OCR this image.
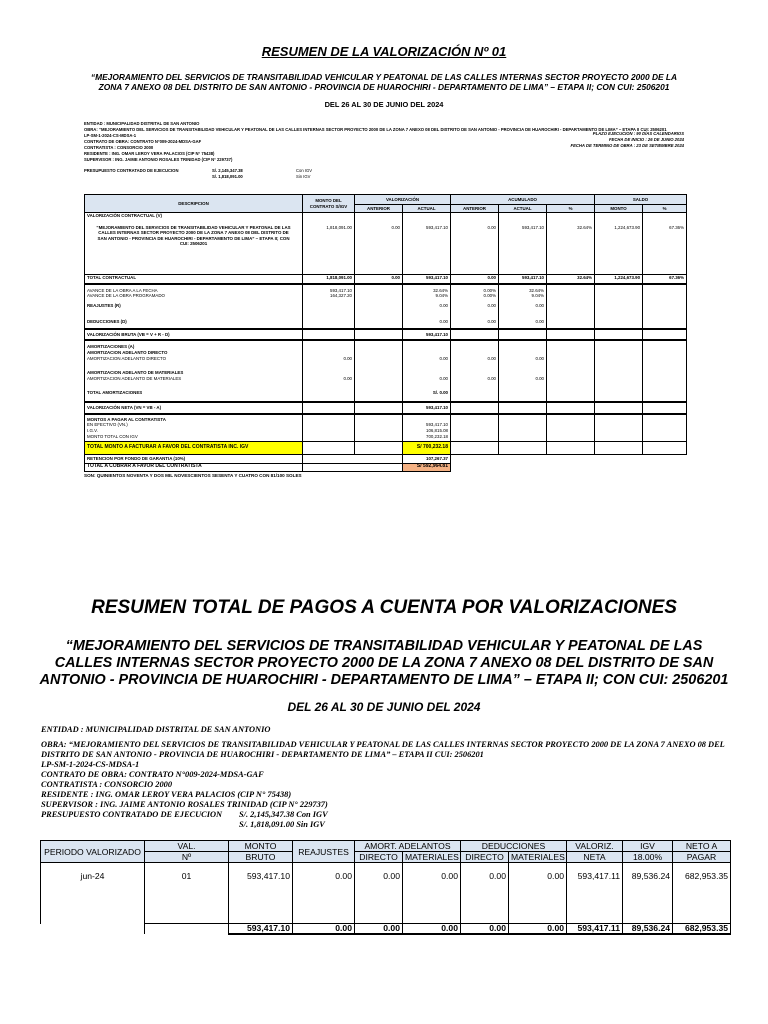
RESUMEN DE LA VALORIZACIÓN Nº 01
“MEJORAMIENTO DEL SERVICIOS DE TRANSITABILIDAD VEHICULAR Y PEATONAL DE LAS CALLES INTERNAS SECTOR PROYECTO 2000 DE LA ZONA 7 ANEXO 08 DEL DISTRITO DE SAN ANTONIO - PROVINCIA DE HUAROCHIRI - DEPARTAMENTO DE LIMA” – ETAPA II; CON CUI: 2506201
DEL 26 AL 30 DE JUNIO DEL 2024
ENTIDAD : MUNICIPALIDAD DISTRITAL DE SAN ANTONIO
OBRA: “MEJORAMIENTO DEL SERVICIOS DE TRANSITABILIDAD VEHICULAR Y PEATONAL DE LAS CALLES INTERNAS SECTOR PROYECTO 2000 DE LA ZONA 7 ANEXO 08 DEL DISTRITO DE SAN ANTONIO - PROVINCIA DE HUAROCHIRI - DEPARTAMENTO DE LIMA” – ETAPA II CUI: 2506201
LP-SM-1-2024-CS-MDSA-1
CONTRATO DE OBRA: CONTRATO N°009-2024-MDSA-GAF
CONTRATISTA : CONSORCIO 2000
RESIDENTE : ING. OMAR LEROY VERA PALACIOS (CIP N° 75438)
SUPERVISOR : ING. JAIME ANTONIO ROSALES TRINIDAD (CIP N° 229737)
PLAZO EJECUCION : 90 DÍAS CALENDARIOS
FECHA DE INICIO : 26 DE JUNIO 2024
FECHA DE TERMINO DE OBRA : 23 DE SETIEMBRE 2024
PRESUPUESTO CONTRATADO DE EJECUCION	S/. 2,145,347.38	Con IGV
S/. 1,818,091.00	Sin IGV
DESCRIPCION	MONTO DEL CONTRATO S/IGV	VALORIZACIÓN		ACUMULADO			SALDO	
		ANTERIOR	ACTUAL	ANTERIOR	ACTUAL	%	MONTO	%
VALORIZACIÓN CONTRACTUAL (V)								
“MEJORAMIENTO DEL SERVICIOS DE TRANSITABILIDAD VEHICULAR Y PEATONAL DE LAS CALLES INTERNAS SECTOR PROYECTO 2000 DE LA ZONA 7 ANEXO 08 DEL DISTRITO DE SAN ANTONIO - PROVINCIA DE HUAROCHIRI - DEPARTAMENTO DE LIMA” – ETAPA II; CON CUI: 2506201	1,818,091.00	0.00	593,417.10	0.00	593,417.10	32.64%	1,224,673.90	67.36%
TOTAL CONTRACTUAL	1,818,091.00	0.00	593,417.10	0.00	593,417.10	32.64%	1,224,673.90	67.36%
AVANCE DE LA OBRA A LA FECHA	593,417.10		32.64%	0.00%	32.64%			
AVANCE DE LA OBRA PROGRAMADO	164,327.20		9.04%	0.00%	9.04%			
REAJUSTES (R)			0.00	0.00	0.00			
DEDUCCIONES (D)			0.00	0.00	0.00			
VALORIZACIÓN BRUTA (VB = V + R - D)			593,417.10					
AMORTIZACIONES (A)								
AMORTIZACION ADELANTO DIRECTO								
AMORTIZACION ADELANTO DIRECTO	0.00		0.00	0.00	0.00			
AMORTIZACION ADELANTO DE MATERIALES								
AMORTIZACION ADELANTO DE MATERIALES	0.00		0.00	0.00	0.00			
TOTAL AMORTIZACIONES			S/. 0.00					
VALORIZACIÓN NETA (VN = VB - A)			593,417.10					
MONTOS A PAGAR AL CONTRATISTA								
EN EFECTIVO (VN.)			593,417.10					
I.G.V.			106,815.08					
MONTO TOTAL CON IGV			700,232.18					
TOTAL MONTO A FACTURAR A FAVOR DEL CONTRATISTA INC. IGV			S/ 700,232.18					
RETENCION POR FONDO DE GARANTIA (10%)			107,267.37					
TOTAL A COBRAR A FAVOR DEL CONTRATISTA			S/ 592,964.81					
SON: QUINIENTOS NOVENTA Y DOS MIL NOVESCIENTOS SESENTA Y CUATRO CON 81/100 SOLES
RESUMEN TOTAL DE PAGOS A CUENTA POR VALORIZACIONES
“MEJORAMIENTO DEL SERVICIOS DE TRANSITABILIDAD VEHICULAR Y PEATONAL DE LAS CALLES INTERNAS SECTOR PROYECTO 2000 DE LA ZONA 7 ANEXO 08 DEL DISTRITO DE SAN ANTONIO - PROVINCIA DE HUAROCHIRI - DEPARTAMENTO DE LIMA” – ETAPA II; CON CUI: 2506201
DEL 26 AL 30 DE JUNIO DEL 2024
ENTIDAD : MUNICIPALIDAD DISTRITAL DE SAN ANTONIO
OBRA: “MEJORAMIENTO DEL SERVICIOS DE TRANSITABILIDAD VEHICULAR Y PEATONAL DE LAS CALLES INTERNAS SECTOR PROYECTO 2000 DE LA ZONA 7 ANEXO 08 DEL DISTRITO DE SAN ANTONIO - PROVINCIA DE HUAROCHIRI - DEPARTAMENTO DE LIMA” – ETAPA II CUI: 2506201
LP-SM-1-2024-CS-MDSA-1
CONTRATO DE OBRA: CONTRATO N°009-2024-MDSA-GAF
CONTRATISTA : CONSORCIO 2000
RESIDENTE : ING. OMAR LEROY VERA PALACIOS (CIP N° 75438)
SUPERVISOR : ING. JAIME ANTONIO ROSALES TRINIDAD (CIP N° 229737)
PRESUPUESTO CONTRATADO DE EJECUCION	S/. 2,145,347.38
Con IGV
S/. 1,818,091.00
Sin IGV
PERIODO VALORIZADO	VAL.	MONTO	REAJUSTES	AMORT. ADELANTOS		DEDUCCIONES		VALORIZ.	IGV	NETO A
	Nº	BRUTO		DIRECTO	MATERIALES	DIRECTO	MATERIALES	NETA	18.00%	PAGAR
jun-24	01	593,417.10	0.00	0.00	0.00	0.00	0.00	593,417.11	89,536.24	682,953.35
		593,417.10	0.00	0.00	0.00	0.00	0.00	593,417.11	89,536.24	682,953.35
